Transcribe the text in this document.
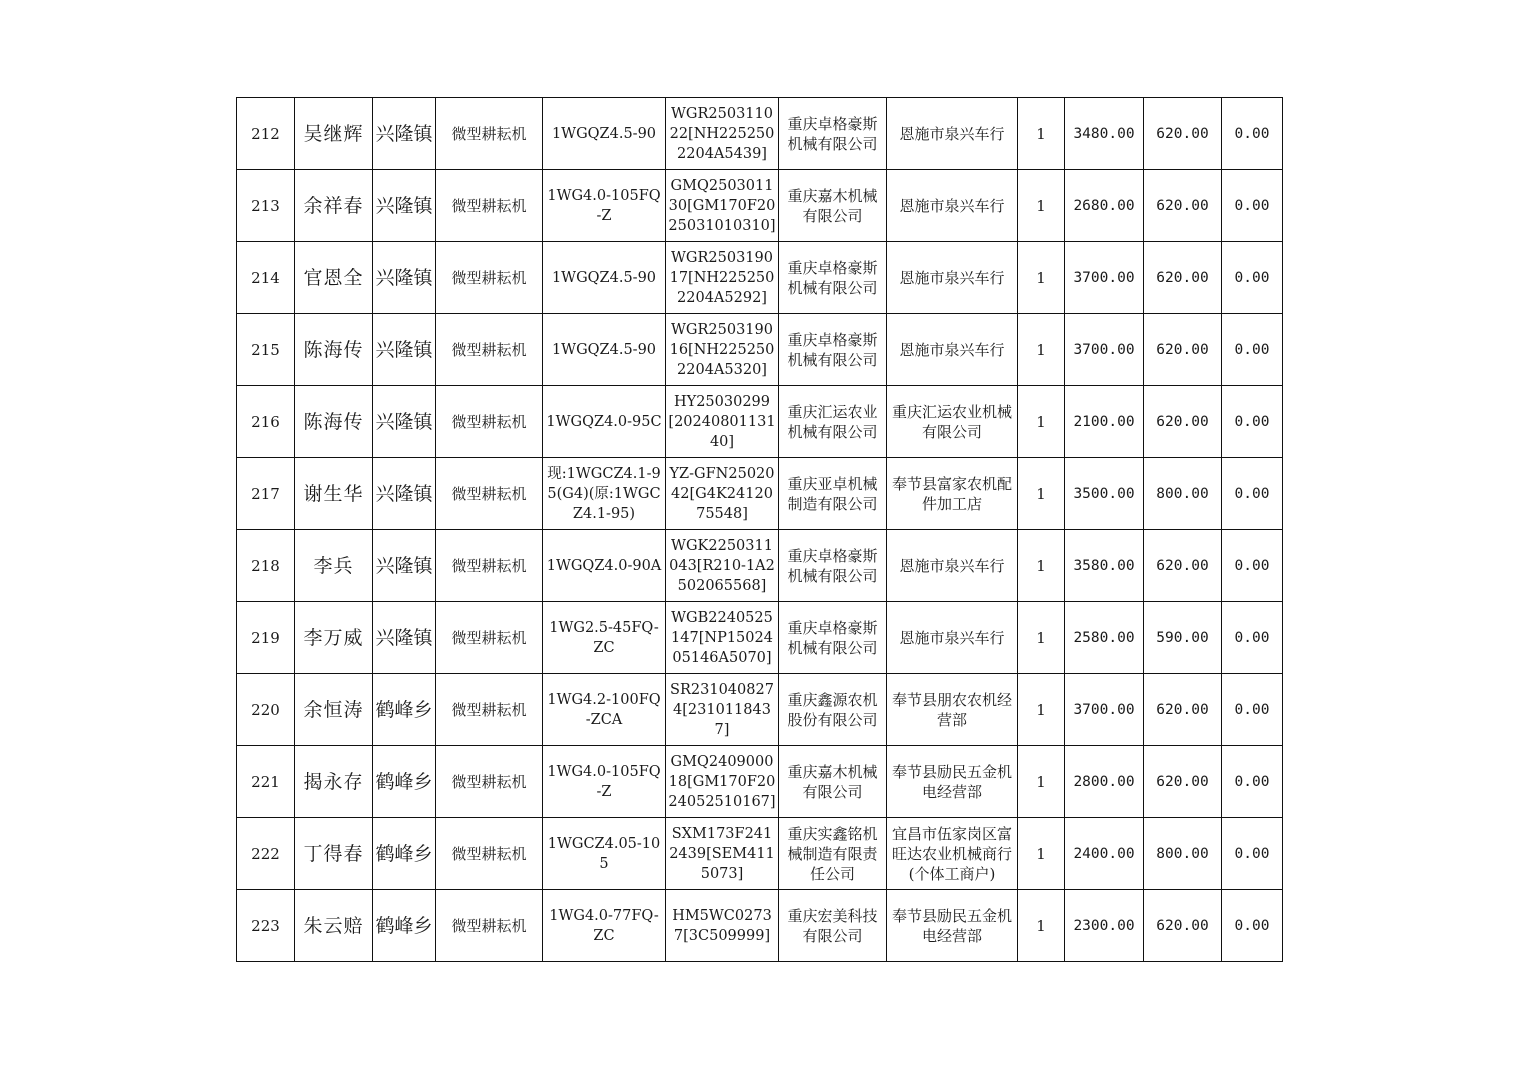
212	吴继辉	兴隆镇	微型耕耘机	1WGQZ4.5-90	WGR250311022[NH2252502204A5439]	重庆卓格豪斯机械有限公司	恩施市泉兴车行	1	3480.00	620.00	0.00

213	余祥春	兴隆镇	微型耕耘机	1WG4.0-105FQ-Z	GMQ250301130[GM170F2025031010310]	重庆嘉木机械有限公司	恩施市泉兴车行	1	2680.00	620.00	0.00

214	官恩全	兴隆镇	微型耕耘机	1WGQZ4.5-90	WGR250319017[NH2252502204A5292]	重庆卓格豪斯机械有限公司	恩施市泉兴车行	1	3700.00	620.00	0.00

215	陈海传	兴隆镇	微型耕耘机	1WGQZ4.5-90	WGR250319016[NH2252502204A5320]	重庆卓格豪斯机械有限公司	恩施市泉兴车行	1	3700.00	620.00	0.00

216	陈海传	兴隆镇	微型耕耘机	1WGQZ4.0-95C	HY25030299[2024080113140]	重庆汇运农业机械有限公司	重庆汇运农业机械有限公司	1	2100.00	620.00	0.00

217	谢生华	兴隆镇	微型耕耘机	现:1WGCZ4.1-95(G4)(原:1WGCZ4.1-95)	YZ-GFN2502042[G4K2412075548]	重庆亚卓机械制造有限公司	奉节县富家农机配件加工店	1	3500.00	800.00	0.00

218	李兵	兴隆镇	微型耕耘机	1WGQZ4.0-90A	WGK2250311043[R210-1A2502065568]	重庆卓格豪斯机械有限公司	恩施市泉兴车行	1	3580.00	620.00	0.00

219	李万威	兴隆镇	微型耕耘机	1WG2.5-45FQ-ZC	WGB2240525147[NP1502405146A5070]	重庆卓格豪斯机械有限公司	恩施市泉兴车行	1	2580.00	590.00	0.00

220	余恒涛	鹤峰乡	微型耕耘机	1WG4.2-100FQ-ZCA	SR2310408274[2310118437]	重庆鑫源农机股份有限公司	奉节县朋农农机经营部	1	3700.00	620.00	0.00

221	揭永存	鹤峰乡	微型耕耘机	1WG4.0-105FQ-Z	GMQ240900018[GM170F2024052510167]	重庆嘉木机械有限公司	奉节县励民五金机电经营部	1	2800.00	620.00	0.00

222	丁得春	鹤峰乡	微型耕耘机	1WGCZ4.05-105	SXM173F2412439[SEM4115073]	重庆实鑫铭机械制造有限责任公司	宜昌市伍家岗区富旺达农业机械商行(个体工商户)	1	2400.00	800.00	0.00

223	朱云赔	鹤峰乡	微型耕耘机	1WG4.0-77FQ-ZC	HM5WC02737[3C509999]	重庆宏美科技有限公司	奉节县励民五金机电经营部	1	2300.00	620.00	0.00
